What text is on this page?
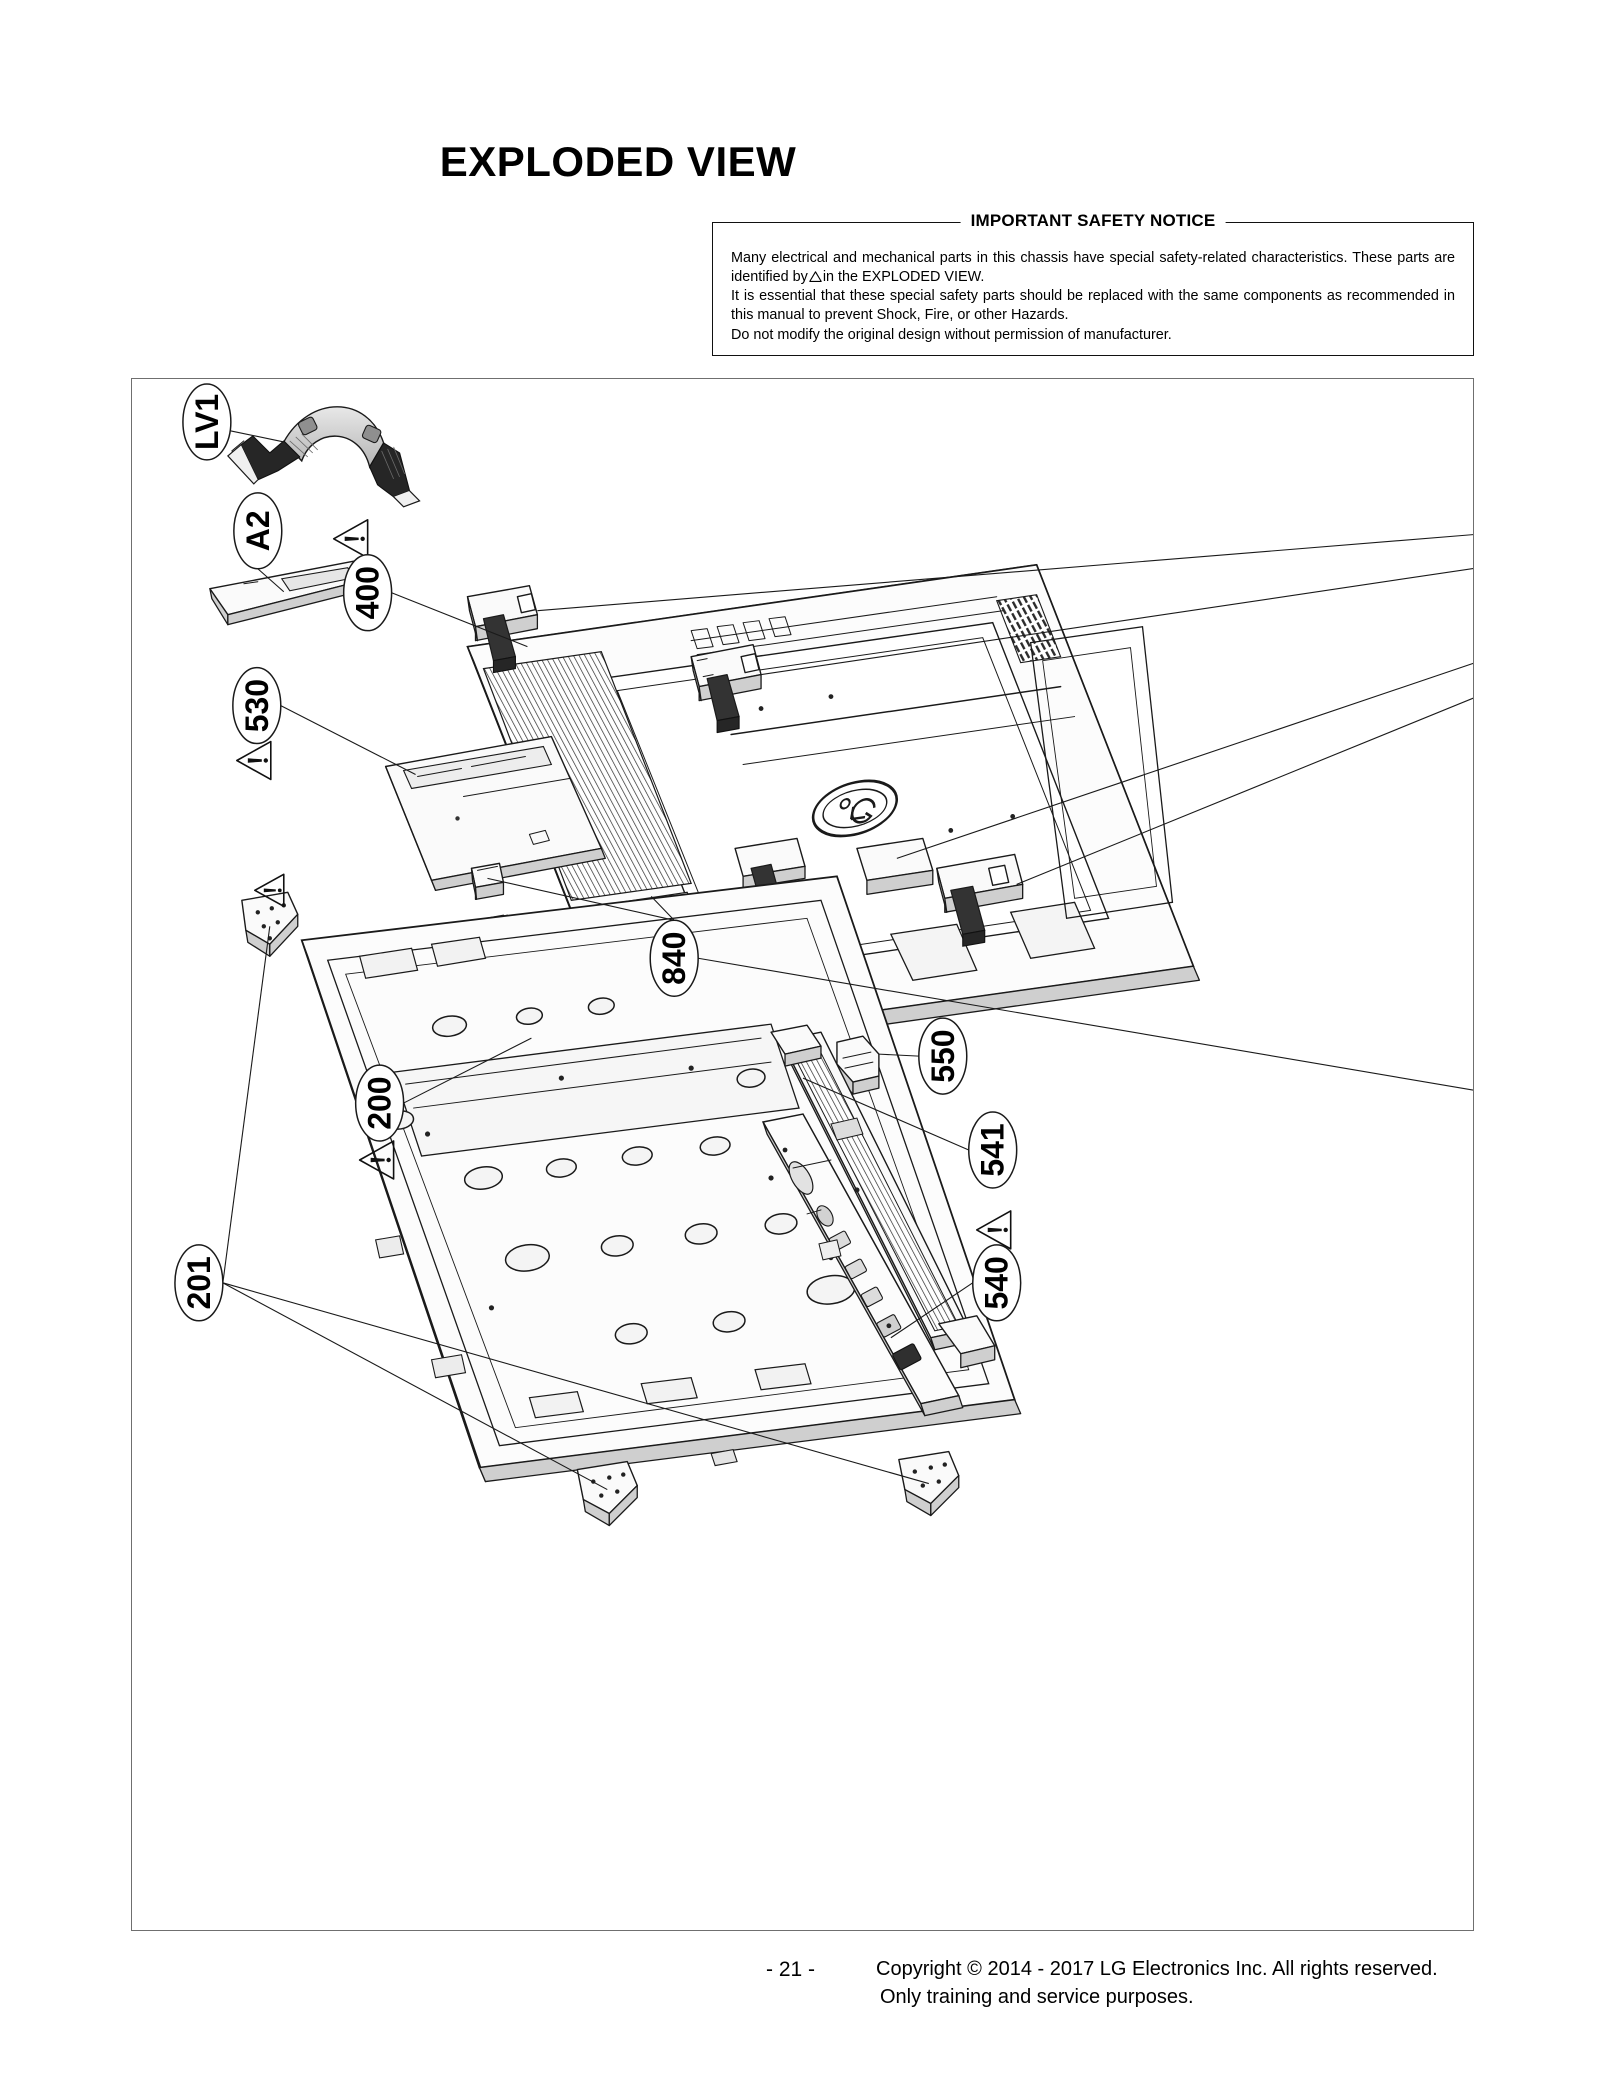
EXPLODED VIEW
IMPORTANT SAFETY NOTICE

Many electrical and mechanical parts in this chassis have special safety-related characteristics. These parts are identified by in the EXPLODED VIEW.

It is essential that these special safety parts should be replaced with the same components as recommended in this manual to prevent Shock, Fire, or other Hazards.

Do not modify the original design without permission of manufacturer.

LV1
A2
400
530
840
200
201
550
541
540
- 21 -	Copyright © 2014 - 2017 LG Electronics Inc. All rights reserved.
Only training and service purposes.
